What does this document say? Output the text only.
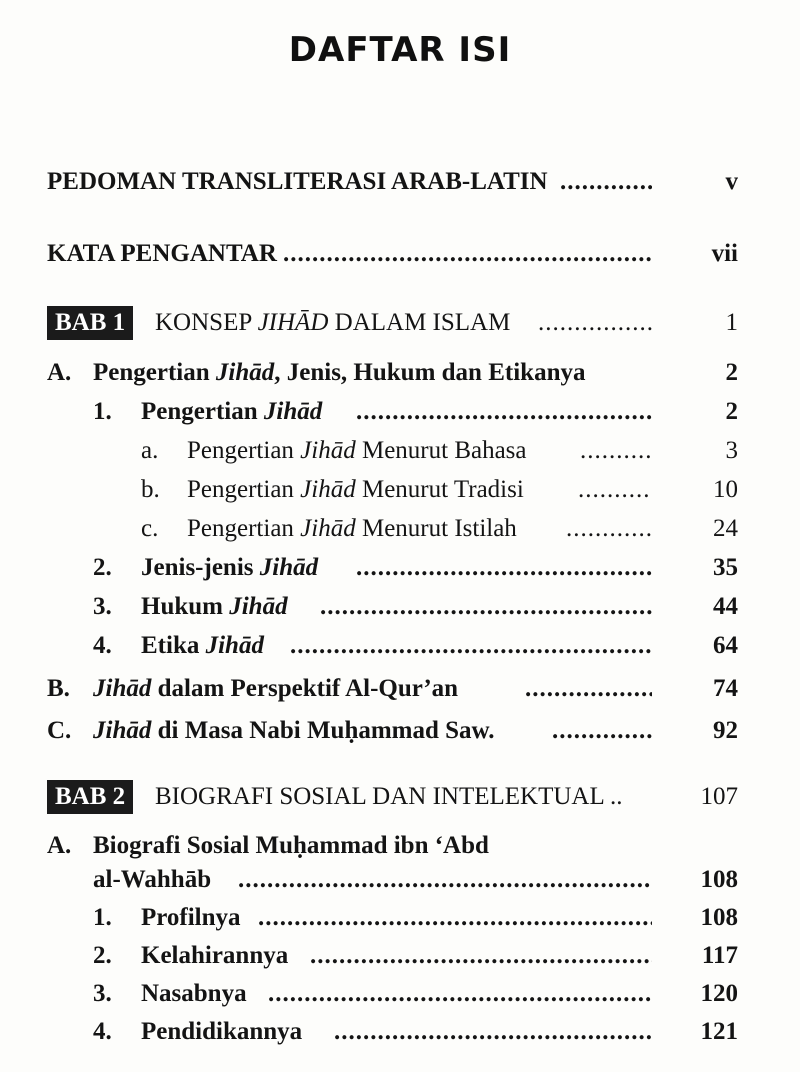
DAFTAR ISI
PEDOMAN TRANSLITERASI ARAB-LATIN .....	v
KATA PENGANTAR .....	vii
BAB 1	KONSEP JIHĀD DALAM ISLAM .....	1
A. Pengertian Jihād, Jenis, Hukum dan Etikanya	2
1. Pengertian Jihād .....	2
a. Pengertian Jihād Menurut Bahasa .....	3
b. Pengertian Jihād Menurut Tradisi .....	10
c. Pengertian Jihād Menurut Istilah .....	24
2. Jenis-jenis Jihād .....	35
3. Hukum Jihād .....	44
4. Etika Jihād .....	64
B. Jihād dalam Perspektif Al-Qur’an .....	74
C. Jihād di Masa Nabi Muḥammad Saw. .....	92
BAB 2	BIOGRAFI SOSIAL DAN INTELEKTUAL ..	107
A. Biografi Sosial Muḥammad ibn ‘Abd
al-Wahhāb .....	108
1. Profilnya .....	108
2. Kelahirannya .....	117
3. Nasabnya .....	120
4. Pendidikannya .....	121
